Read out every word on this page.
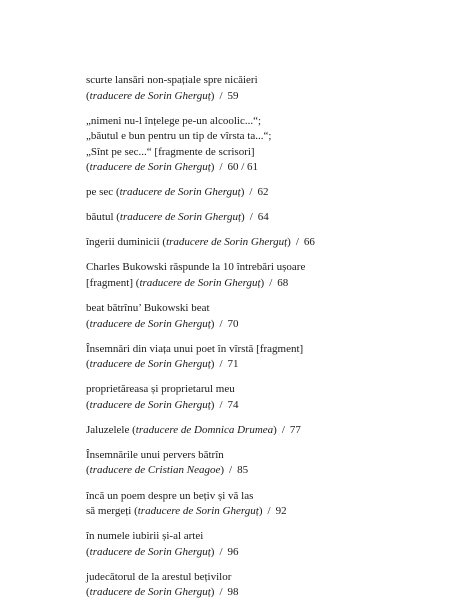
scurte lansări non-spațiale spre nicăieri
(traducere de Sorin Gherguț) / 59
„nimeni nu-l înțelege pe-un alcoolic...“;
„băutul e bun pentru un tip de vîrsta ta...“;
„Sînt pe sec...“ [fragmente de scrisori]
(traducere de Sorin Gherguț) / 60 / 61
pe sec (traducere de Sorin Gherguț) / 62
băutul (traducere de Sorin Gherguț) / 64
îngerii duminicii (traducere de Sorin Gherguț) / 66
Charles Bukowski răspunde la 10 întrebări ușoare
[fragment] (traducere de Sorin Gherguț) / 68
beat bătrînu’ Bukowski beat
(traducere de Sorin Gherguț) / 70
Însemnări din viața unui poet în vîrstă [fragment]
(traducere de Sorin Gherguț) / 71
proprietăreasa și proprietarul meu
(traducere de Sorin Gherguț) / 74
Jaluzelele (traducere de Domnica Drumea) / 77
Însemnările unui pervers bătrîn
(traducere de Cristian Neagoe) / 85
încă un poem despre un bețiv și vă las
să mergeți (traducere de Sorin Gherguț) / 92
în numele iubirii și-al artei
(traducere de Sorin Gherguț) / 96
judecătorul de la arestul bețivilor
(traducere de Sorin Gherguț) / 98
